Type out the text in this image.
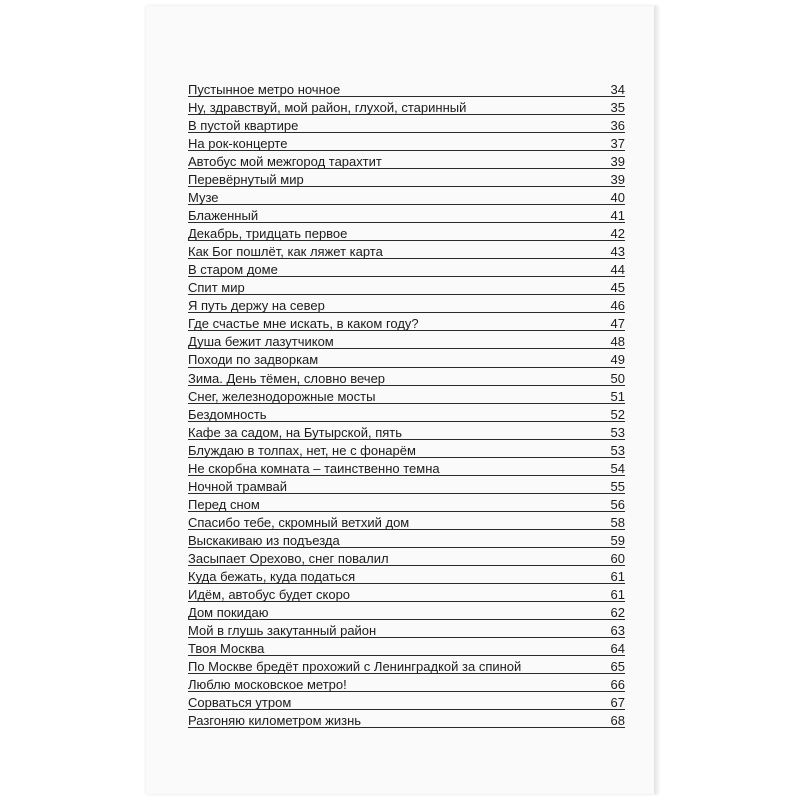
Пустынное метро ночное	34
Ну, здравствуй, мой район, глухой, старинный	35
В пустой квартире	36
На рок-концерте	37
Автобус мой межгород тарахтит	39
Перевёрнутый мир	39
Музе	40
Блаженный	41
Декабрь, тридцать первое	42
Как Бог пошлёт, как ляжет карта	43
В старом доме	44
Спит мир	45
Я путь держу на север	46
Где счастье мне искать, в каком году?	47
Душа бежит лазутчиком	48
Походи по задворкам	49
Зима. День тёмен, словно вечер	50
Снег, железнодорожные мосты	51
Бездомность	52
Кафе за садом, на Бутырской, пять	53
Блуждаю в толпах, нет, не с фонарём	53
Не скорбна комната – таинственно темна	54
Ночной трамвай	55
Перед сном	56
Спасибо тебе, скромный ветхий дом	58
Выскакиваю из подъезда	59
Засыпает Орехово, снег повалил	60
Куда бежать, куда податься	61
Идём, автобус будет скоро	61
Дом покидаю	62
Мой в глушь закутанный район	63
Твоя Москва	64
По Москве бредёт прохожий с Ленинградкой за спиной	65
Люблю московское метро!	66
Сорваться утром	67
Разгоняю километром жизнь	68
